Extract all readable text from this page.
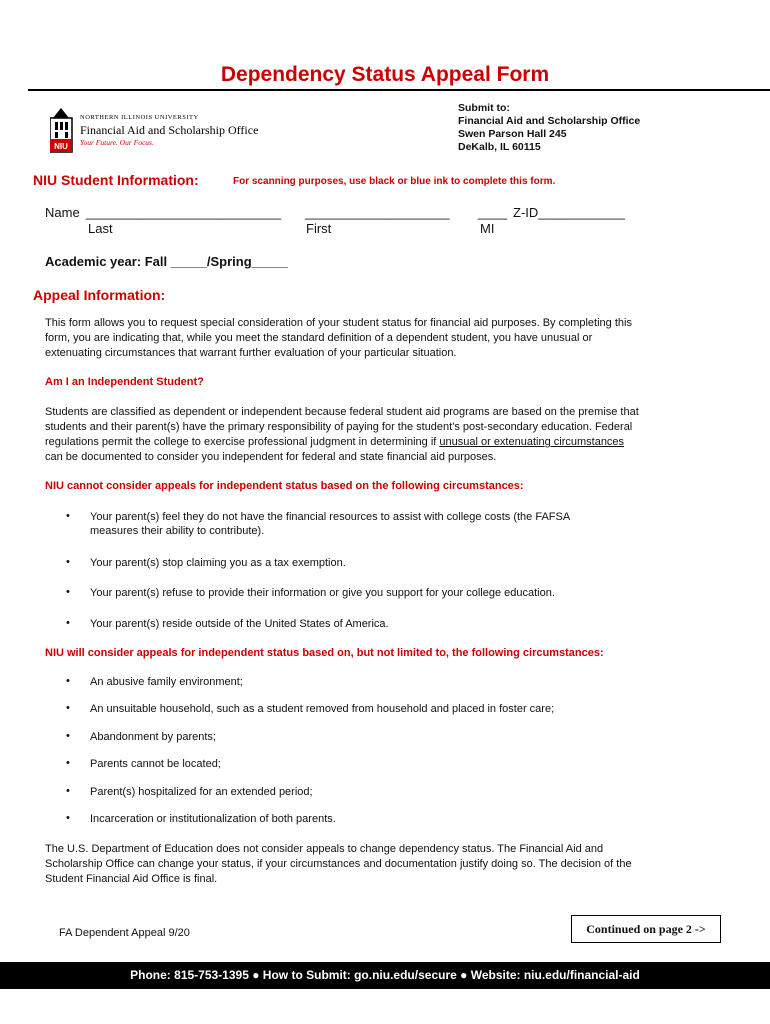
Dependency Status Appeal Form
NIU
NORTHERN ILLINOIS UNIVERSITY
Financial Aid and Scholarship Office
Your Future. Our Focus.
Submit to:
Financial Aid and Scholarship Office
Swen Parson Hall 245
DeKalb, IL 60115
NIU Student Information:	For scanning purposes, use black or blue ink to complete this form.
Name ___________________________ ____________________ ____ Z-ID____________
Last	First	MI
Academic year: Fall _____/Spring_____
Appeal Information:
This form allows you to request special consideration of your student status for financial aid purposes. By completing this
form, you are indicating that, while you meet the standard definition of a dependent student, you have unusual or
extenuating circumstances that warrant further evaluation of your particular situation.
Am I an Independent Student?
Students are classified as dependent or independent because federal student aid programs are based on the premise that
students and their parent(s) have the primary responsibility of paying for the student's post-secondary education. Federal
regulations permit the college to exercise professional judgment in determining if unusual or extenuating circumstances
can be documented to consider you independent for federal and state financial aid purposes.
NIU cannot consider appeals for independent status based on the following circumstances:
• Your parent(s) feel they do not have the financial resources to assist with college costs (the FAFSA
measures their ability to contribute).
• Your parent(s) stop claiming you as a tax exemption.
• Your parent(s) refuse to provide their information or give you support for your college education.
• Your parent(s) reside outside of the United States of America.
NIU will consider appeals for independent status based on, but not limited to, the following circumstances:
• An abusive family environment;
• An unsuitable household, such as a student removed from household and placed in foster care;
• Abandonment by parents;
• Parents cannot be located;
• Parent(s) hospitalized for an extended period;
• Incarceration or institutionalization of both parents.
The U.S. Department of Education does not consider appeals to change dependency status. The Financial Aid and
Scholarship Office can change your status, if your circumstances and documentation justify doing so. The decision of the
Student Financial Aid Office is final.
FA Dependent Appeal 9/20	Continued on page 2 ->
Phone: 815-753-1395 ● How to Submit: go.niu.edu/secure ● Website: niu.edu/financial-aid
